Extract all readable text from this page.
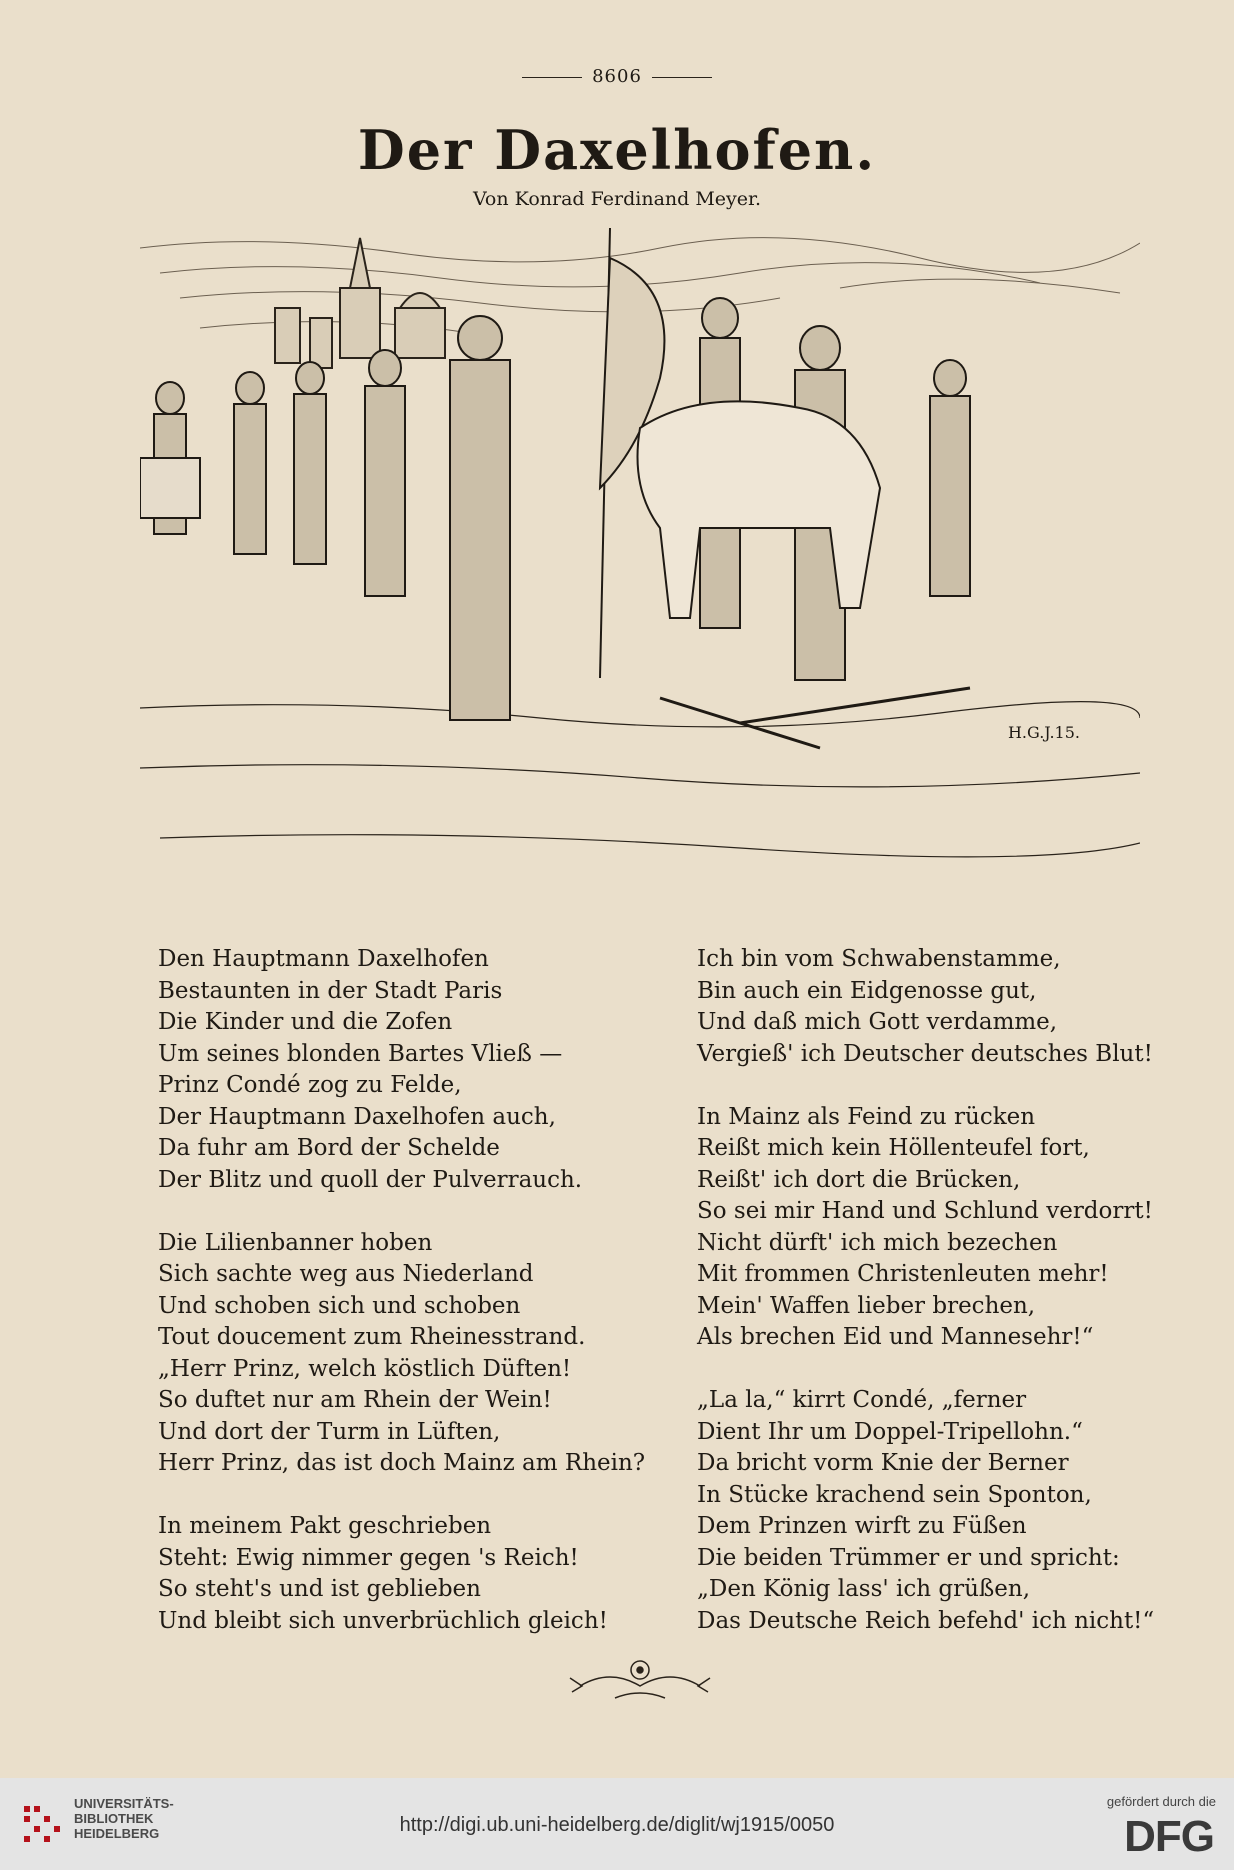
8606
Der Daxelhofen.
Von Konrad Ferdinand Meyer.
H.G.J.15.
Den Hauptmann Daxelhofen
Bestaunten in der Stadt Paris
Die Kinder und die Zofen
Um seines blonden Bartes Vließ —
Prinz Condé zog zu Felde,
Der Hauptmann Daxelhofen auch,
Da fuhr am Bord der Schelde
Der Blitz und quoll der Pulverrauch.
Die Lilienbanner hoben
Sich sachte weg aus Niederland
Und schoben sich und schoben
Tout doucement zum Rheinesstrand.
„Herr Prinz, welch köstlich Düften!
So duftet nur am Rhein der Wein!
Und dort der Turm in Lüften,
Herr Prinz, das ist doch Mainz am Rhein?
In meinem Pakt geschrieben
Steht: Ewig nimmer gegen 's Reich!
So steht's und ist geblieben
Und bleibt sich unverbrüchlich gleich!
Ich bin vom Schwabenstamme,
Bin auch ein Eidgenosse gut,
Und daß mich Gott verdamme,
Vergieß' ich Deutscher deutsches Blut!
In Mainz als Feind zu rücken
Reißt mich kein Höllenteufel fort,
Reißt' ich dort die Brücken,
So sei mir Hand und Schlund verdorrt!
Nicht dürft' ich mich bezechen
Mit frommen Christenleuten mehr!
Mein' Waffen lieber brechen,
Als brechen Eid und Mannesehr!“
„La la,“ kirrt Condé, „ferner
Dient Ihr um Doppel-Tripellohn.“
Da bricht vorm Knie der Berner
In Stücke krachend sein Sponton,
Dem Prinzen wirft zu Füßen
Die beiden Trümmer er und spricht:
„Den König lass' ich grüßen,
Das Deutsche Reich befehd' ich nicht!“
UNIVERSITÄTS-
BIBLIOTHEK
HEIDELBERG	http://digi.ub.uni-heidelberg.de/diglit/wj1915/0050
gefördert durch die
DFG
